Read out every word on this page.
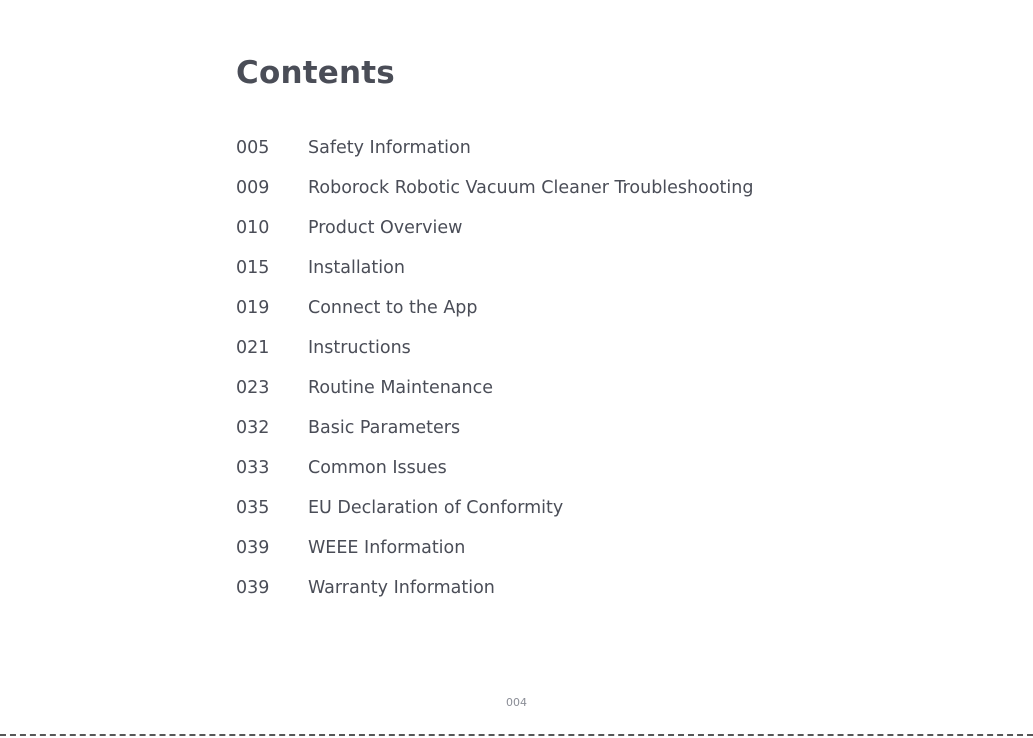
Contents
005	Safety Information
009	Roborock Robotic Vacuum Cleaner Troubleshooting
010	Product Overview
015	Installation
019	Connect to the App
021	Instructions
023	Routine Maintenance
032	Basic Parameters
033	Common Issues
035	EU Declaration of Conformity
039	WEEE Information
039	Warranty Information
004
